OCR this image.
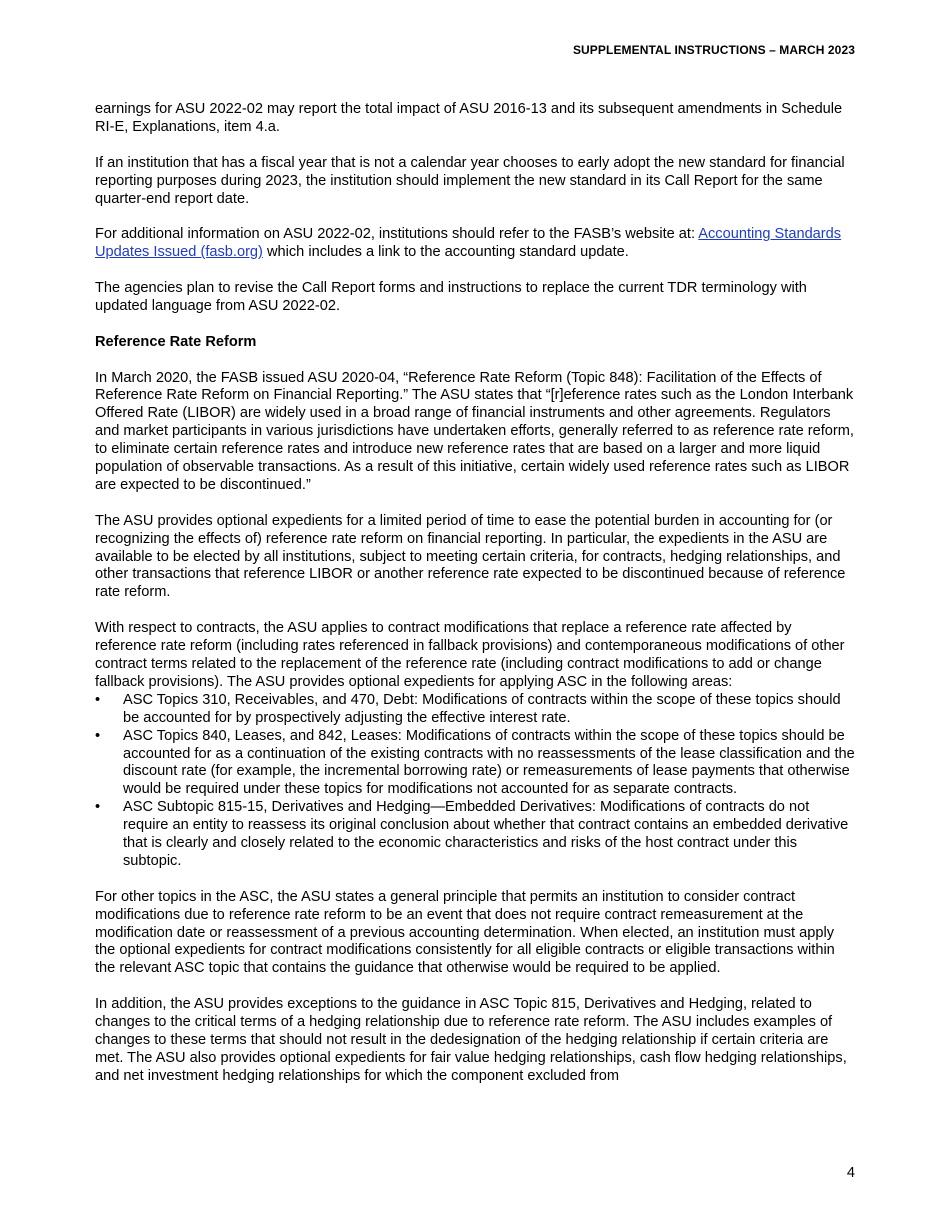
SUPPLEMENTAL INSTRUCTIONS – MARCH 2023

earnings for ASU 2022-02 may report the total impact of ASU 2016-13 and its subsequent amendments in Schedule RI-E, Explanations, item 4.a.

If an institution that has a fiscal year that is not a calendar year chooses to early adopt the new standard for financial reporting purposes during 2023, the institution should implement the new standard in its Call Report for the same quarter-end report date.

For additional information on ASU 2022-02, institutions should refer to the FASB’s website at: Accounting Standards Updates Issued (fasb.org) which includes a link to the accounting standard update.

The agencies plan to revise the Call Report forms and instructions to replace the current TDR terminology with updated language from ASU 2022-02.

Reference Rate Reform

In March 2020, the FASB issued ASU 2020-04, “Reference Rate Reform (Topic 848): Facilitation of the Effects of Reference Rate Reform on Financial Reporting.” The ASU states that “[r]eference rates such as the London Interbank Offered Rate (LIBOR) are widely used in a broad range of financial instruments and other agreements. Regulators and market participants in various jurisdictions have undertaken efforts, generally referred to as reference rate reform, to eliminate certain reference rates and introduce new reference rates that are based on a larger and more liquid population of observable transactions. As a result of this initiative, certain widely used reference rates such as LIBOR are expected to be discontinued.”

The ASU provides optional expedients for a limited period of time to ease the potential burden in accounting for (or recognizing the effects of) reference rate reform on financial reporting. In particular, the expedients in the ASU are available to be elected by all institutions, subject to meeting certain criteria, for contracts, hedging relationships, and other transactions that reference LIBOR or another reference rate expected to be discontinued because of reference rate reform.

With respect to contracts, the ASU applies to contract modifications that replace a reference rate affected by reference rate reform (including rates referenced in fallback provisions) and contemporaneous modifications of other contract terms related to the replacement of the reference rate (including contract modifications to add or change fallback provisions). The ASU provides optional expedients for applying ASC in the following areas:

•	ASC Topics 310, Receivables, and 470, Debt: Modifications of contracts within the scope of these topics should be accounted for by prospectively adjusting the effective interest rate.
•	ASC Topics 840, Leases, and 842, Leases: Modifications of contracts within the scope of these topics should be accounted for as a continuation of the existing contracts with no reassessments of the lease classification and the discount rate (for example, the incremental borrowing rate) or remeasurements of lease payments that otherwise would be required under these topics for modifications not accounted for as separate contracts.
•	ASC Subtopic 815-15, Derivatives and Hedging—Embedded Derivatives: Modifications of contracts do not require an entity to reassess its original conclusion about whether that contract contains an embedded derivative that is clearly and closely related to the economic characteristics and risks of the host contract under this subtopic.

For other topics in the ASC, the ASU states a general principle that permits an institution to consider contract modifications due to reference rate reform to be an event that does not require contract remeasurement at the modification date or reassessment of a previous accounting determination. When elected, an institution must apply the optional expedients for contract modifications consistently for all eligible contracts or eligible transactions within the relevant ASC topic that contains the guidance that otherwise would be required to be applied.

In addition, the ASU provides exceptions to the guidance in ASC Topic 815, Derivatives and Hedging, related to changes to the critical terms of a hedging relationship due to reference rate reform. The ASU includes examples of changes to these terms that should not result in the dedesignation of the hedging relationship if certain criteria are met. The ASU also provides optional expedients for fair value hedging relationships, cash flow hedging relationships, and net investment hedging relationships for which the component excluded from

4
